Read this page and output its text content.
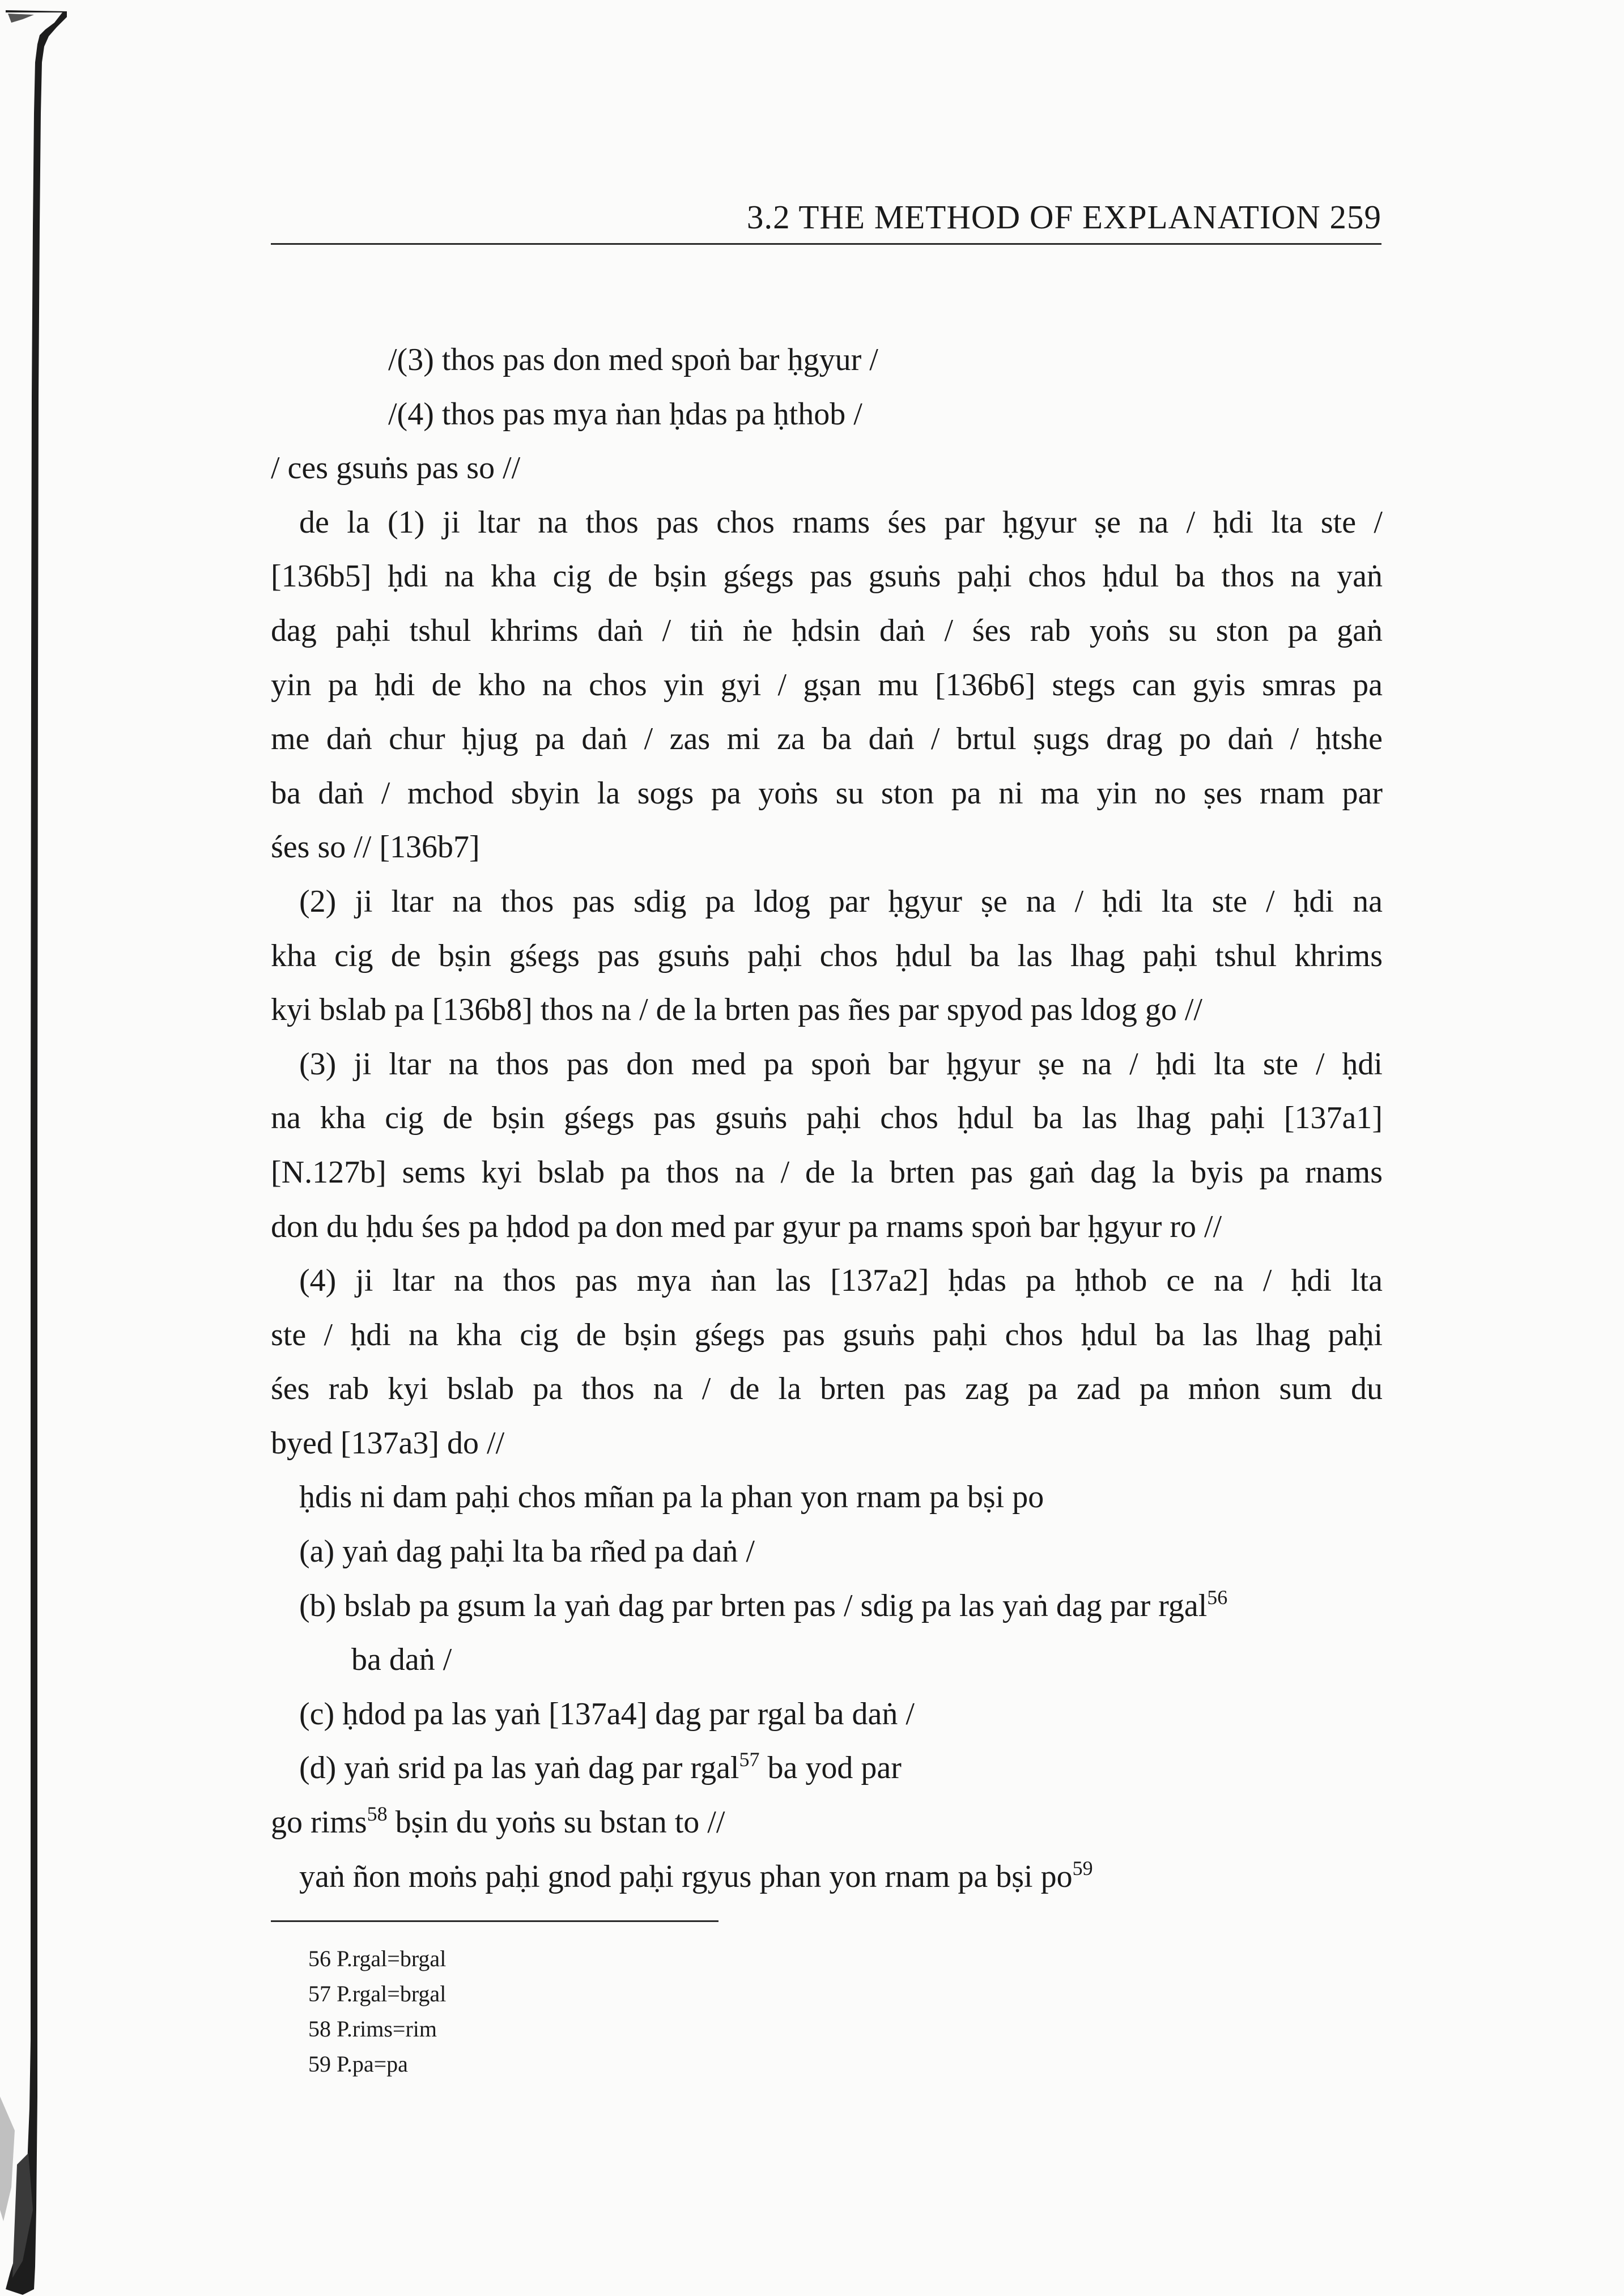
3.2 THE METHOD OF EXPLANATION 259
/(3) thos pas don med spoṅ bar ḥgyur /
/(4) thos pas mya ṅan ḥdas pa ḥthob /
/ ces gsuṅs pas so //
de la (1) ji ltar na thos pas chos rnams śes par ḥgyur ṣe na / ḥdi lta ste /
[136b5] ḥdi na kha cig de bṣin gśegs pas gsuṅs paḥi chos ḥdul ba thos na yaṅ
dag paḥi tshul khrims daṅ / tiṅ ṅe ḥdsin daṅ / śes rab yoṅs su ston pa gaṅ
yin pa ḥdi de kho na chos yin gyi / gṣan mu [136b6] stegs can gyis smras pa
me daṅ chur ḥjug pa daṅ / zas mi za ba daṅ / brtul ṣugs drag po daṅ / ḥtshe
ba daṅ / mchod sbyin la sogs pa yoṅs su ston pa ni ma yin no ṣes rnam par
śes so // [136b7]
(2) ji ltar na thos pas sdig pa ldog par ḥgyur ṣe na / ḥdi lta ste / ḥdi na
kha cig de bṣin gśegs pas gsuṅs paḥi chos ḥdul ba las lhag paḥi tshul khrims
kyi bslab pa [136b8] thos na / de la brten pas ñes par spyod pas ldog go //
(3) ji ltar na thos pas don med pa spoṅ bar ḥgyur ṣe na / ḥdi lta ste / ḥdi
na kha cig de bṣin gśegs pas gsuṅs paḥi chos ḥdul ba las lhag paḥi [137a1]
[N.127b] sems kyi bslab pa thos na / de la brten pas gaṅ dag la byis pa rnams
don du ḥdu śes pa ḥdod pa don med par gyur pa rnams spoṅ bar ḥgyur ro //
(4) ji ltar na thos pas mya ṅan las [137a2] ḥdas pa ḥthob ce na / ḥdi lta
ste / ḥdi na kha cig de bṣin gśegs pas gsuṅs paḥi chos ḥdul ba las lhag paḥi
śes rab kyi bslab pa thos na / de la brten pas zag pa zad pa mṅon sum du
byed [137a3] do //
ḥdis ni dam paḥi chos mñan pa la phan yon rnam pa bṣi po
(a) yaṅ dag paḥi lta ba rñed pa daṅ /
(b) bslab pa gsum la yaṅ dag par brten pas / sdig pa las yaṅ dag par rgal$^{56}$
ba daṅ /
(c) ḥdod pa las yaṅ [137a4] dag par rgal ba daṅ /
(d) yaṅ srid pa las yaṅ dag par rgal$^{57}$ ba yod par
go rims$^{58}$ bṣin du yoṅs su bstan to //
yaṅ ñon moṅs paḥi gnod paḥi rgyus phan yon rnam pa bṣi $po^{59}$
56 P.rgal=brgal
57 P.rgal=brgal
58 P.rims=rim
59 P.pa=pa
